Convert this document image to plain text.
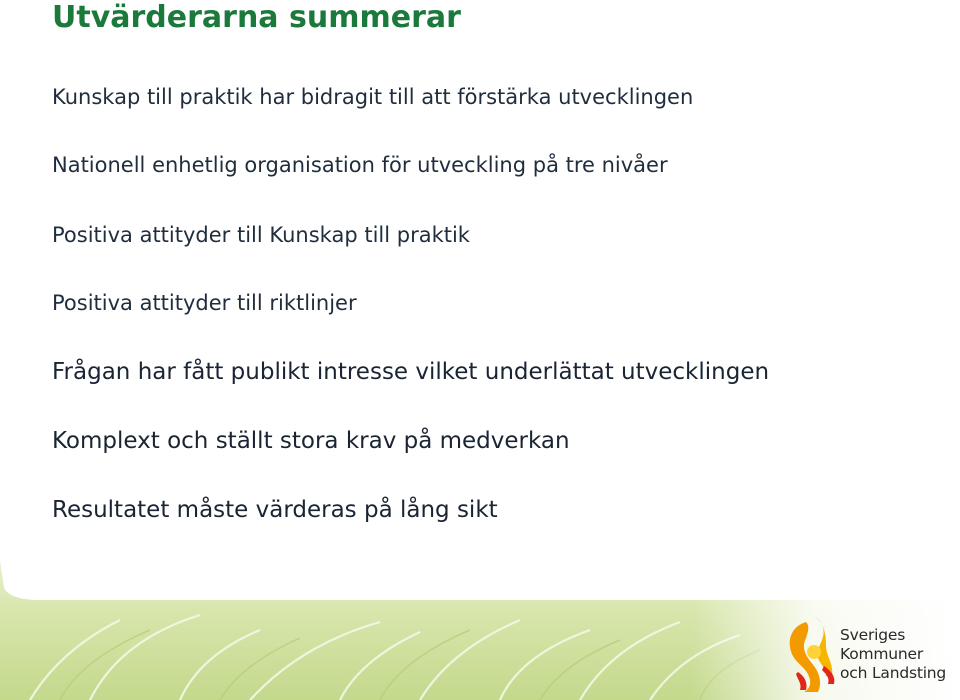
Utvärderarna summerar
Kunskap till praktik har bidragit till att förstärka utvecklingen
Nationell enhetlig organisation för utveckling på tre nivåer
Positiva attityder till Kunskap till praktik
Positiva attityder till riktlinjer
Frågan har fått publikt intresse vilket underlättat utvecklingen
Komplext och ställt stora krav på medverkan
Resultatet måste värderas på lång sikt
Sveriges
Kommuner
och Landsting
